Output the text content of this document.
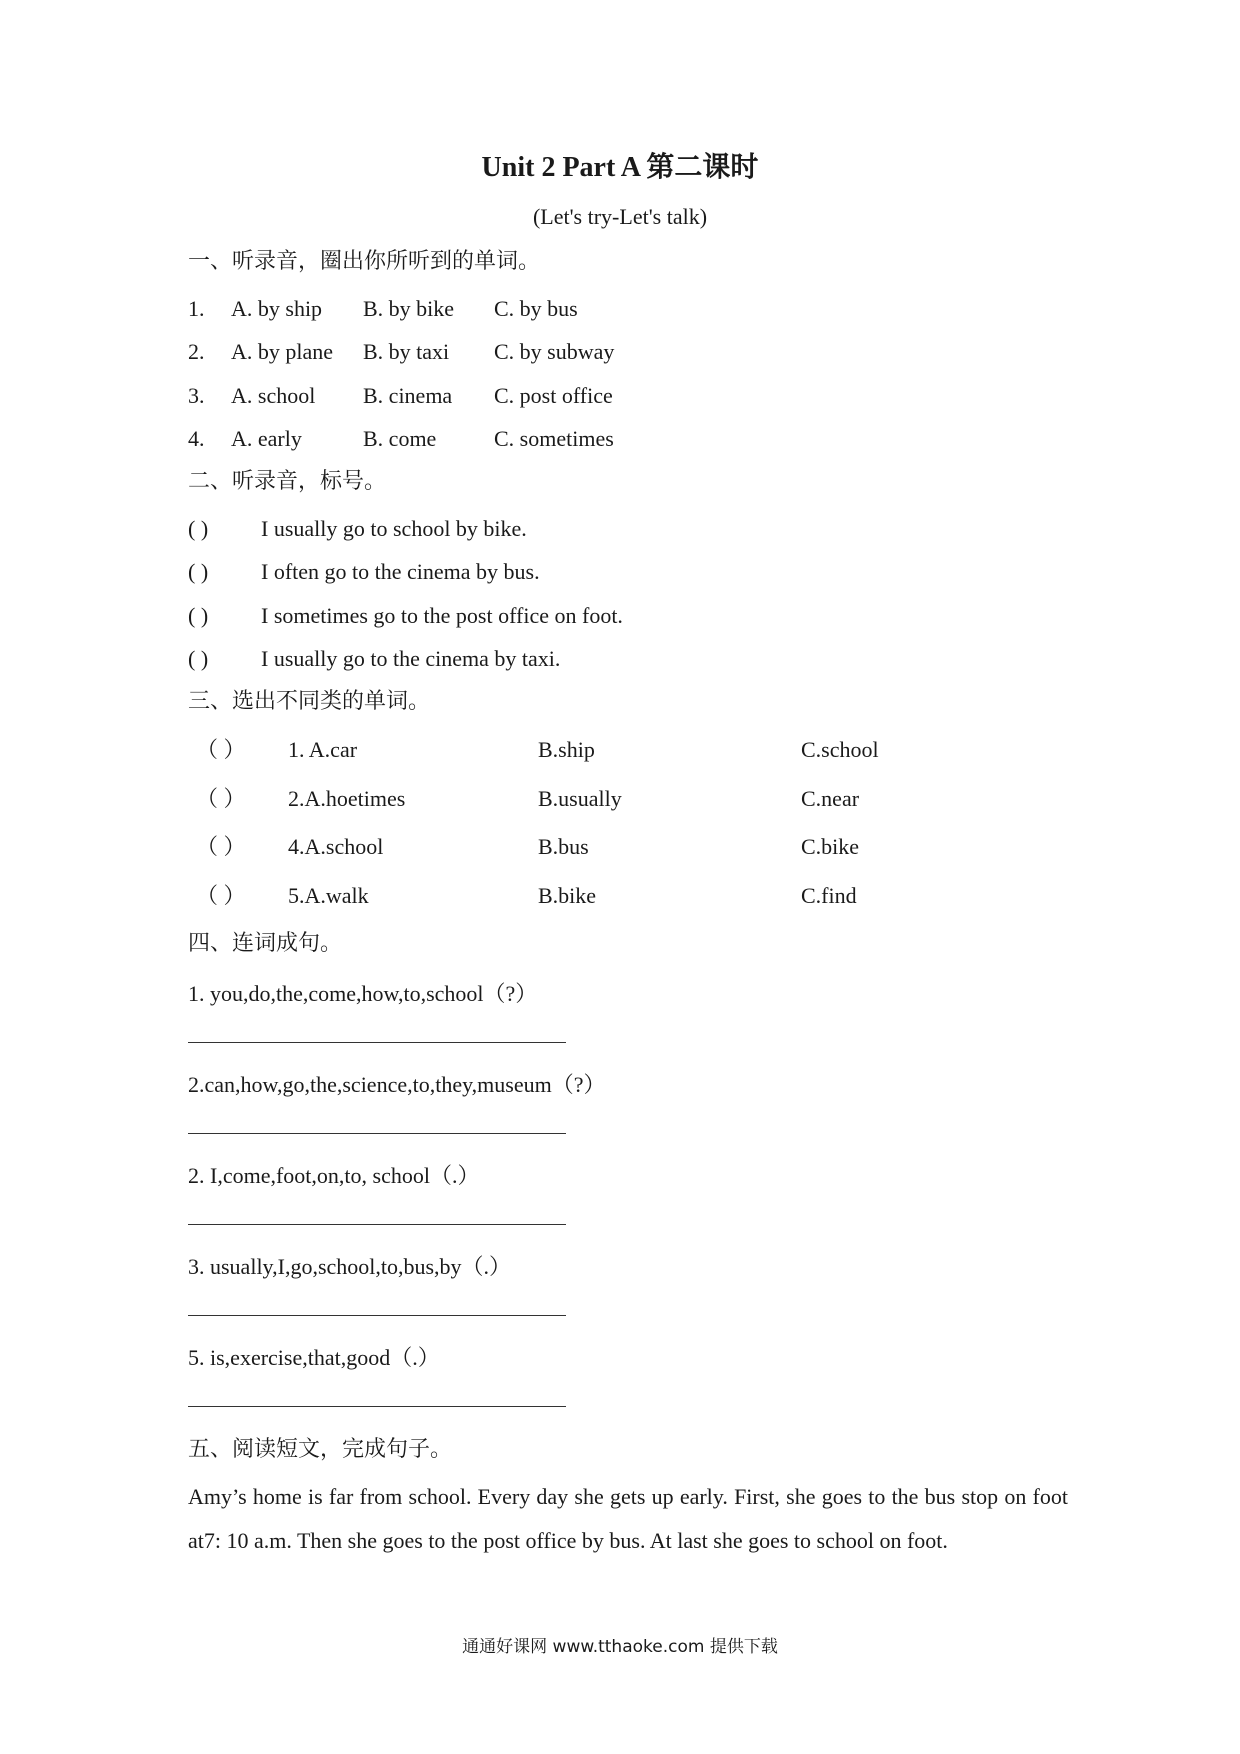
Unit 2 Part A 第二课时
(Let's try-Let's talk)
一、听录音，圈出你所听到的单词。
1. A. by ship B. by bike C. by bus
2. A. by plane B. by taxi C. by subway
3. A. school B. cinema C. post office
4. A. early	B. come	C. sometimes
二、听录音，标号。
( ) I usually go to school by bike.
( ) I often go to the cinema by bus.
( ) I sometimes go to the post office on foot.
( ) I usually go to the cinema by taxi.
三、选出不同类的单词。
（ ） 1. A.car	B.ship	C.school
（ ） 2.A.hoetimes	B.usually	C.near
（ ） 4.A.school	B.bus	C.bike
（ ） 5.A.walk	B.bike	C.find
四、连词成句。
1. you,do,the,come,how,to,school（?）
2.can,how,go,the,science,to,they,museum（?）
2. I,come,foot,on,to, school（.）
3. usually,I,go,school,to,bus,by（.）
5. is,exercise,that,good（.）
五、阅读短文，完成句子。
Amy’s home is far from school. Every day she gets up early. First, she goes to the bus stop on foot at7: 10 a.m. Then she goes to the post office by bus. At last she goes to school on foot.
通通好课网 www.tthaoke.com 提供下载
